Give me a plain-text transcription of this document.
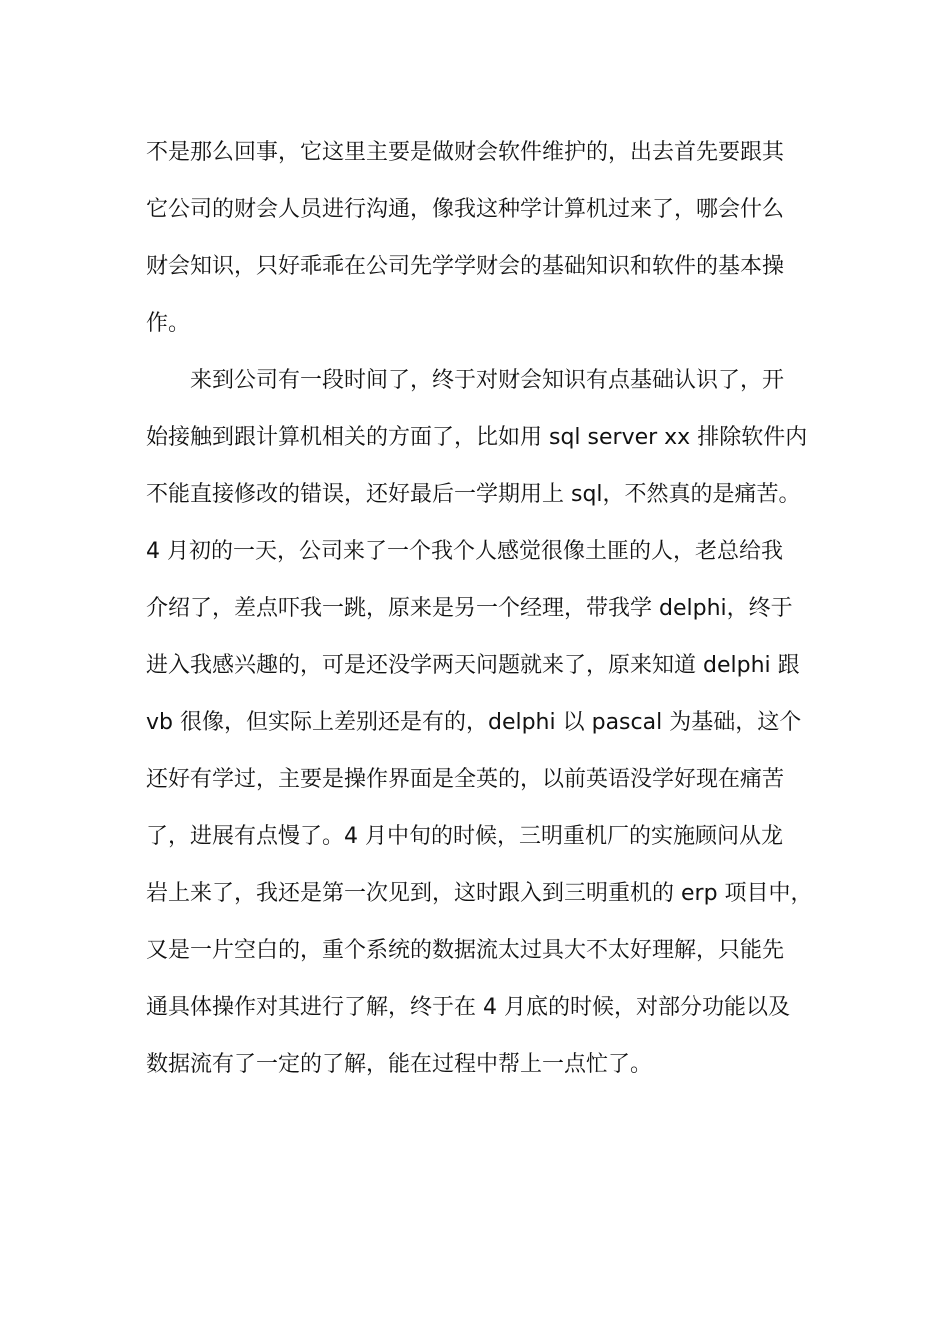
不是那么回事，它这里主要是做财会软件维护的，出去首先要跟其
它公司的财会人员进行沟通，像我这种学计算机过来了，哪会什么
财会知识，只好乖乖在公司先学学财会的基础知识和软件的基本操
作。
来到公司有一段时间了，终于对财会知识有点基础认识了，开
始接触到跟计算机相关的方面了，比如用 sql server xx 排除软件内
不能直接修改的错误，还好最后一学期用上 sql，不然真的是痛苦。
4 月初的一天，公司来了一个我个人感觉很像土匪的人，老总给我
介绍了，差点吓我一跳，原来是另一个经理，带我学 delphi，终于
进入我感兴趣的，可是还没学两天问题就来了，原来知道 delphi 跟
vb 很像，但实际上差别还是有的，delphi 以 pascal 为基础，这个
还好有学过，主要是操作界面是全英的，以前英语没学好现在痛苦
了，进展有点慢了。4 月中旬的时候，三明重机厂的实施顾问从龙
岩上来了，我还是第一次见到，这时跟入到三明重机的 erp 项目中，
又是一片空白的，重个系统的数据流太过具大不太好理解，只能先
通具体操作对其进行了解，终于在 4 月底的时候，对部分功能以及
数据流有了一定的了解，能在过程中帮上一点忙了。
